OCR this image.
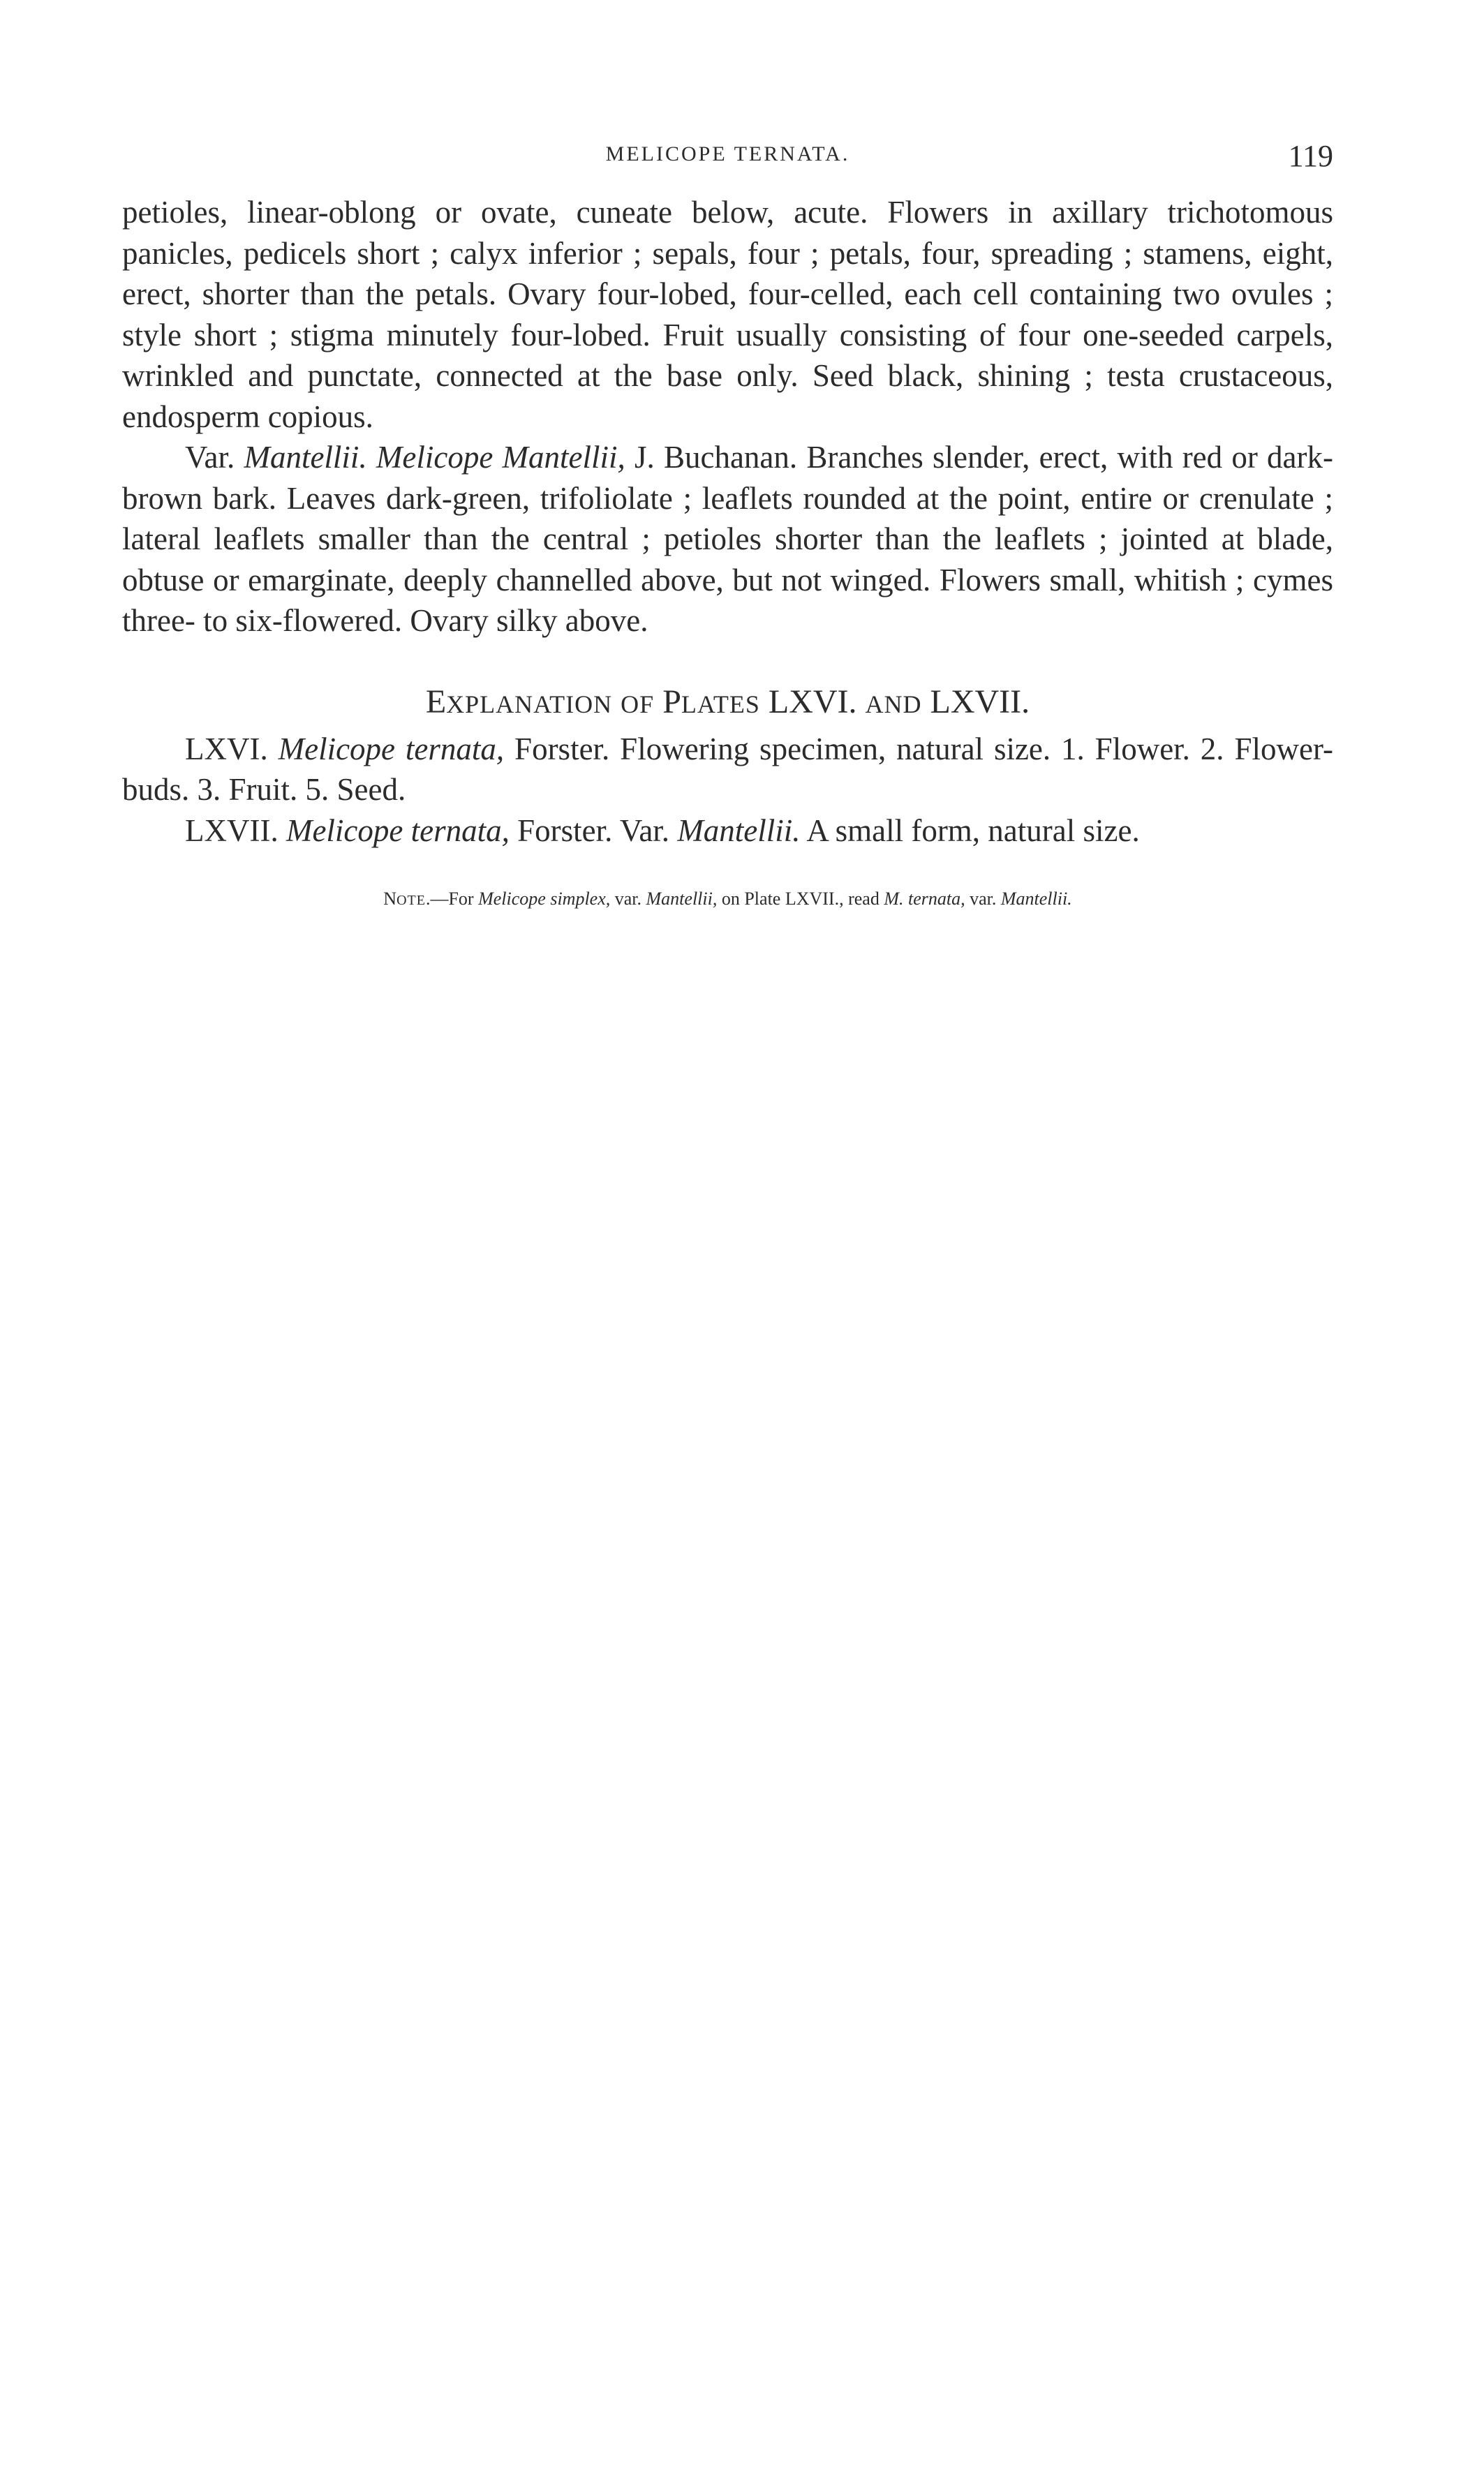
MELICOPE TERNATA.	119

petioles, linear-oblong or ovate, cuneate below, acute. Flowers in axillary trichotomous panicles, pedicels short ; calyx inferior ; sepals, four ; petals, four, spreading ; stamens, eight, erect, shorter than the petals. Ovary four-lobed, four-celled, each cell containing two ovules ; style short ; stigma minutely four-lobed. Fruit usually consisting of four one-seeded carpels, wrinkled and punctate, connected at the base only. Seed black, shining ; testa crustaceous, endosperm copious.

Var. Mantellii. Melicope Mantellii, J. Buchanan. Branches slender, erect, with red or dark-brown bark. Leaves dark-green, trifoliolate ; leaflets rounded at the point, entire or crenulate ; lateral leaflets smaller than the central ; petioles shorter than the leaflets ; jointed at blade, obtuse or emarginate, deeply channelled above, but not winged. Flowers small, whitish ; cymes three- to six-flowered. Ovary silky above.

EXPLANATION OF PLATES LXVI. AND LXVII.

LXVI. Melicope ternata, Forster. Flowering specimen, natural size. 1. Flower. 2. Flower-buds. 3. Fruit. 5. Seed.

LXVII. Melicope ternata, Forster. Var. Mantellii. A small form, natural size.

NOTE.—For Melicope simplex, var. Mantellii, on Plate LXVII., read M. ternata, var. Mantellii.
